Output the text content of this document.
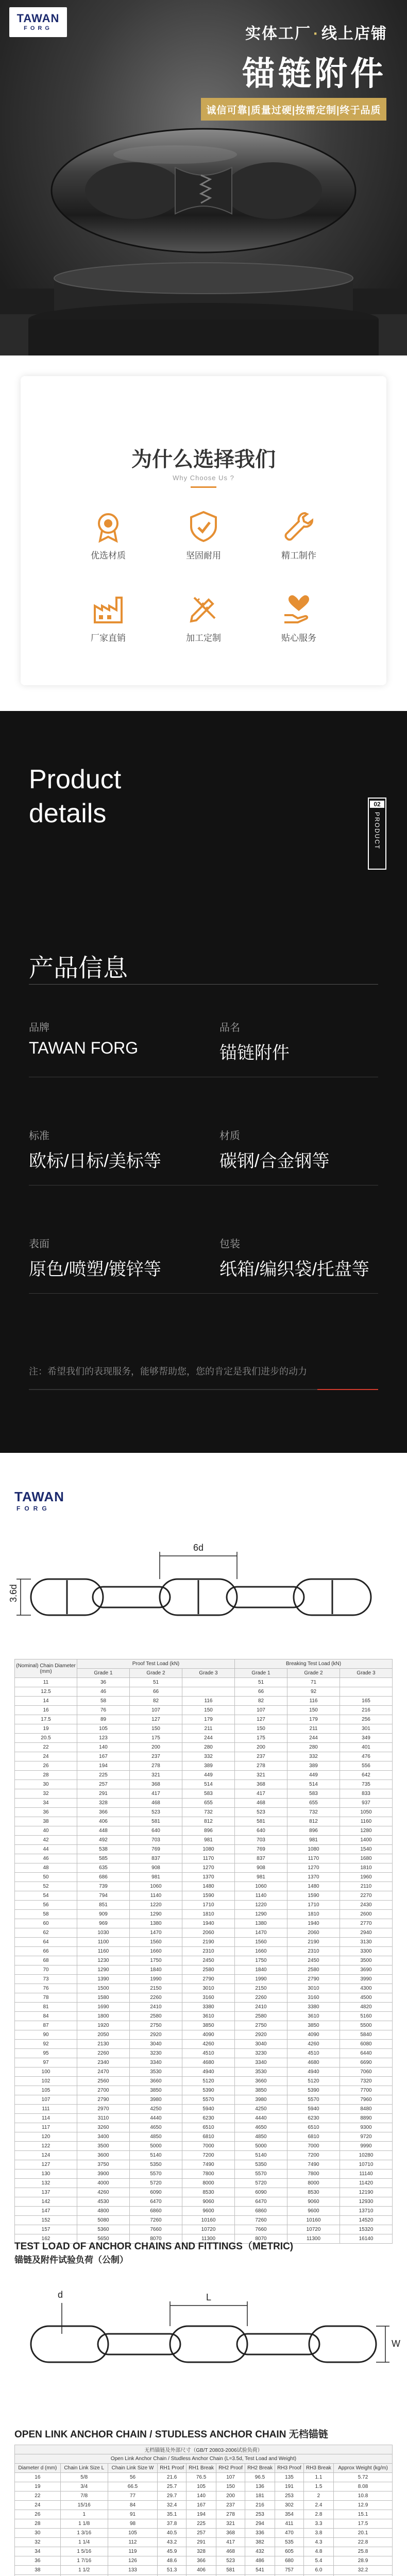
TAWAN
FORG	实体工厂 · 线上店铺
锚链附件
诚信可靠|质量过硬|按需定制|终于品质
为什么选择我们
Why Choose Us ?
优选材质	坚固耐用	精工制作
厂家直销	加工定制	贴心服务
Product
details	02
PRODUCT
产品信息
品牌
TAWAN FORG
品名
锚链附件
标准
欧标/日标/美标等
材质
碳钢/合金钢等
表面
原色/喷塑/镀锌等
包装
纸箱/编织袋/托盘等
注：希望我们的表现服务，能够帮助您，您的肯定是我们进步的动力
TAWAN
FORG
6d
3.6d
(Nominal) Chain Diameter (mm)	Proof Test Load (kN)			Breaking Test Load (kN)		
	Grade 1	Grade 2	Grade 3	Grade 1	Grade 2	Grade 3
11	36	51		51	71	
12.5	46	66		66	92	
14	58	82	116	82	116	165
16	76	107	150	107	150	216
17.5	89	127	179	127	179	256
19	105	150	211	150	211	301
20.5	123	175	244	175	244	349
22	140	200	280	200	280	401
24	167	237	332	237	332	476
26	194	278	389	278	389	556
28	225	321	449	321	449	642
30	257	368	514	368	514	735
32	291	417	583	417	583	833
34	328	468	655	468	655	937
36	366	523	732	523	732	1050
38	406	581	812	581	812	1160
40	448	640	896	640	896	1280
42	492	703	981	703	981	1400
44	538	769	1080	769	1080	1540
46	585	837	1170	837	1170	1680
48	635	908	1270	908	1270	1810
50	686	981	1370	981	1370	1960
52	739	1060	1480	1060	1480	2110
54	794	1140	1590	1140	1590	2270
56	851	1220	1710	1220	1710	2430
58	909	1290	1810	1290	1810	2600
60	969	1380	1940	1380	1940	2770
62	1030	1470	2060	1470	2060	2940
64	1100	1560	2190	1560	2190	3130
66	1160	1660	2310	1660	2310	3300
68	1230	1750	2450	1750	2450	3500
70	1290	1840	2580	1840	2580	3690
73	1390	1990	2790	1990	2790	3990
76	1500	2150	3010	2150	3010	4300
78	1580	2260	3160	2260	3160	4500
81	1690	2410	3380	2410	3380	4820
84	1800	2580	3610	2580	3610	5160
87	1920	2750	3850	2750	3850	5500
90	2050	2920	4090	2920	4090	5840
92	2130	3040	4260	3040	4260	6080
95	2260	3230	4510	3230	4510	6440
97	2340	3340	4680	3340	4680	6690
100	2470	3530	4940	3530	4940	7060
102	2560	3660	5120	3660	5120	7320
105	2700	3850	5390	3850	5390	7700
107	2790	3980	5570	3980	5570	7960
111	2970	4250	5940	4250	5940	8480
114	3110	4440	6230	4440	6230	8890
117	3260	4650	6510	4650	6510	9300
120	3400	4850	6810	4850	6810	9720
122	3500	5000	7000	5000	7000	9990
124	3600	5140	7200	5140	7200	10280
127	3750	5350	7490	5350	7490	10710
130	3900	5570	7800	5570	7800	11140
132	4000	5720	8000	5720	8000	11420
137	4260	6090	8530	6090	8530	12190
142	4530	6470	9060	6470	9060	12930
147	4800	6860	9600	6860	9600	13710
152	5080	7260	10160	7260	10160	14520
157	5360	7660	10720	7660	10720	15320
162	5650	8070	11300	8070	11300	16140
TEST LOAD OF ANCHOR CHAINS AND FITTINGS（METRIC)
锚链及附件试验负荷（公制）
L
W
d
OPEN LINK ANCHOR CHAIN / STUDLESS ANCHOR CHAIN 无档锚链
无档锚链及外部尺寸（GB/T 20803-2006试验负荷）									
Open Link Anchor Chain / Studless Anchor Chain (L=3.5d, Test Load and Weight)									
Diameter d (mm)	Chain Link Size L	Chain Link Size W	RH1 Proof	RH1 Break	RH2 Proof	RH2 Break	RH3 Proof	RH3 Break	Approx Weight (kg/m)
16	5/8	56	21.6	76.5	107	96.5	135	1.1	5.72
19	3/4	66.5	25.7	105	150	136	191	1.5	8.08
22	7/8	77	29.7	140	200	181	253	2	10.8
24	15/16	84	32.4	167	237	216	302	2.4	12.9
26	1	91	35.1	194	278	253	354	2.8	15.1
28	1 1/8	98	37.8	225	321	294	411	3.3	17.5
30	1 3/16	105	40.5	257	368	336	470	3.8	20.1
32	1 1/4	112	43.2	291	417	382	535	4.3	22.8
34	1 5/16	119	45.9	328	468	432	605	4.8	25.8
36	1 7/16	126	48.6	366	523	486	680	5.4	28.9
38	1 1/2	133	51.3	406	581	541	757	6.0	32.2
